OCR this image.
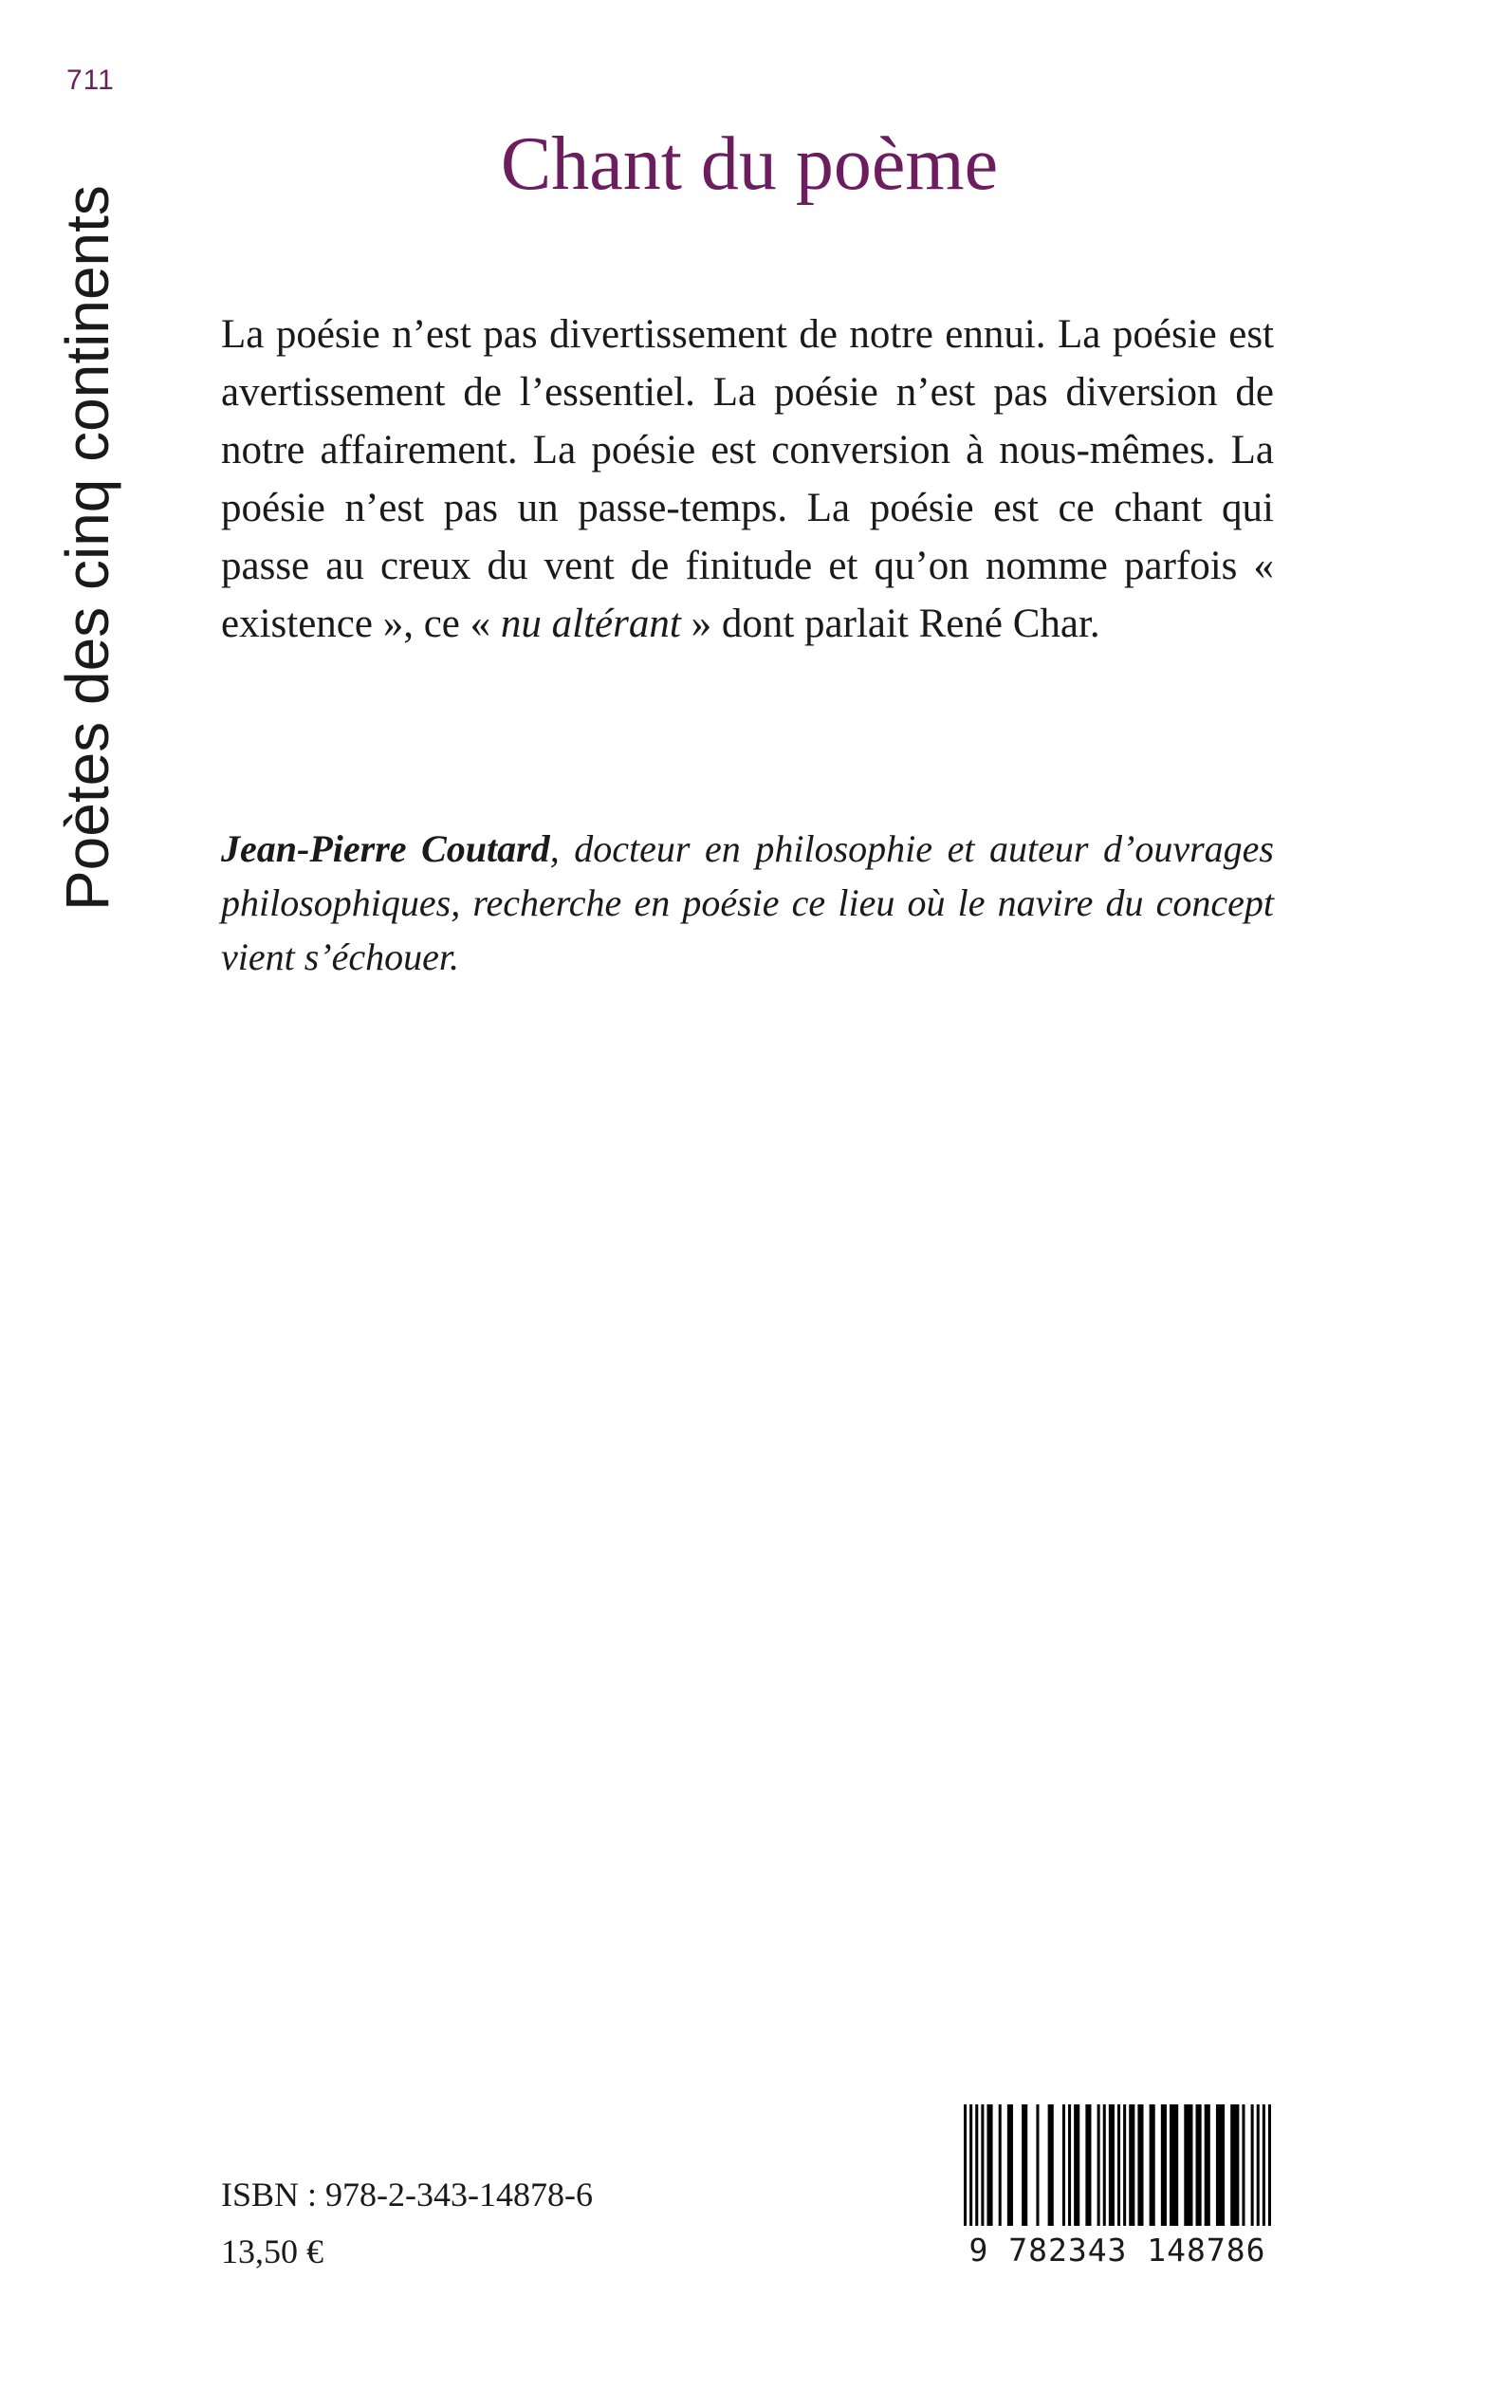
711
Poètes des cinq continents
Chant du poème

La poésie n’est pas divertissement de notre ennui. La poésie est avertissement de l’essentiel. La poésie n’est pas diversion de notre affairement. La poésie est conversion à nous-mêmes. La poésie n’est pas un passe-temps. La poésie est ce chant qui passe au creux du vent de finitude et qu’on nomme parfois « existence », ce « nu altérant » dont parlait René Char.

Jean-Pierre Coutard, docteur en philosophie et auteur d’ouvrages philosophiques, recherche en poésie ce lieu où le navire du concept vient s’échouer.

ISBN : 978-2-343-14878-6
13,50 €	9 782343 148786
